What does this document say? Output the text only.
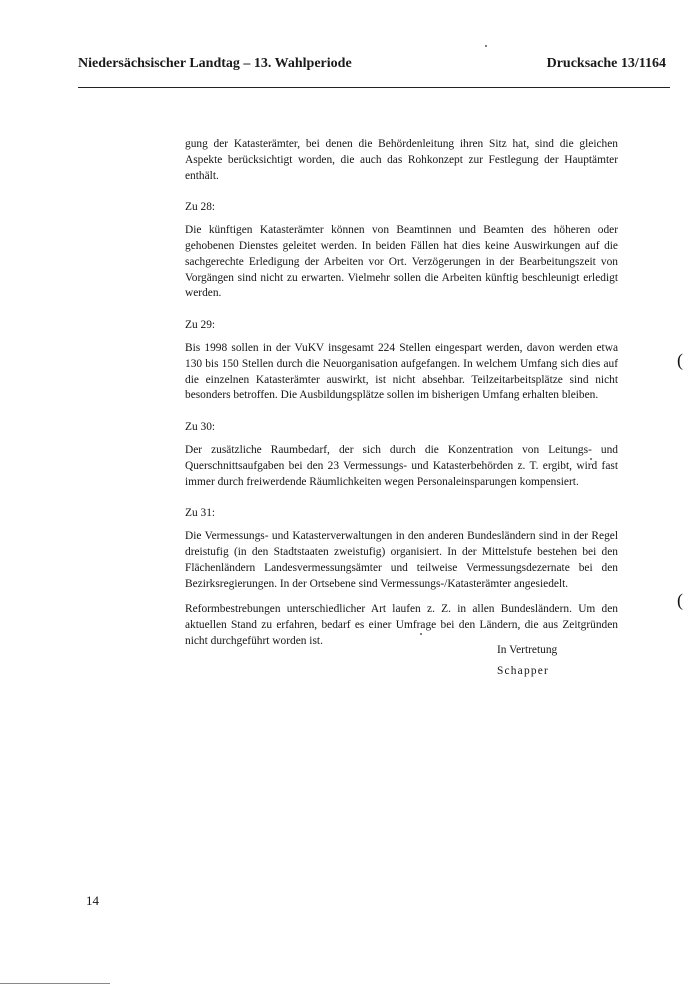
Niedersächsischer Landtag – 13. Wahlperiode	Drucksache 13/1164

gung der Katasterämter, bei denen die Behördenleitung ihren Sitz hat, sind die gleichen Aspekte berücksichtigt worden, die auch das Rohkonzept zur Festlegung der Hauptämter enthält.

Zu 28:

Die künftigen Katasterämter können von Beamtinnen und Beamten des höheren oder gehobenen Dienstes geleitet werden. In beiden Fällen hat dies keine Auswirkungen auf die sachgerechte Erledigung der Arbeiten vor Ort. Verzögerungen in der Bearbeitungszeit von Vorgängen sind nicht zu erwarten. Vielmehr sollen die Arbeiten künftig beschleunigt erledigt werden.

Zu 29:

Bis 1998 sollen in der VuKV insgesamt 224 Stellen eingespart werden, davon werden etwa 130 bis 150 Stellen durch die Neuorganisation aufgefangen. In welchem Umfang sich dies auf die einzelnen Katasterämter auswirkt, ist nicht absehbar. Teilzeitarbeitsplätze sind nicht besonders betroffen. Die Ausbildungsplätze sollen im bisherigen Umfang erhalten bleiben.

Zu 30:

Der zusätzliche Raumbedarf, der sich durch die Konzentration von Leitungs- und Querschnittsaufgaben bei den 23 Vermessungs- und Katasterbehörden z. T. ergibt, wird fast immer durch freiwerdende Räumlichkeiten wegen Personaleinsparungen kompensiert.

Zu 31:

Die Vermessungs- und Katasterverwaltungen in den anderen Bundesländern sind in der Regel dreistufig (in den Stadtstaaten zweistufig) organisiert. In der Mittelstufe bestehen bei den Flächenländern Landesvermessungsämter und teilweise Vermessungsdezernate bei den Bezirksregierungen. In der Ortsebene sind Vermessungs-/Katasterämter angesiedelt.

Reformbestrebungen unterschiedlicher Art laufen z. Z. in allen Bundesländern. Um den aktuellen Stand zu erfahren, bedarf es einer Umfrage bei den Ländern, die aus Zeitgründen nicht durchgeführt worden ist.

In Vertretung
Schapper
14
(
(
